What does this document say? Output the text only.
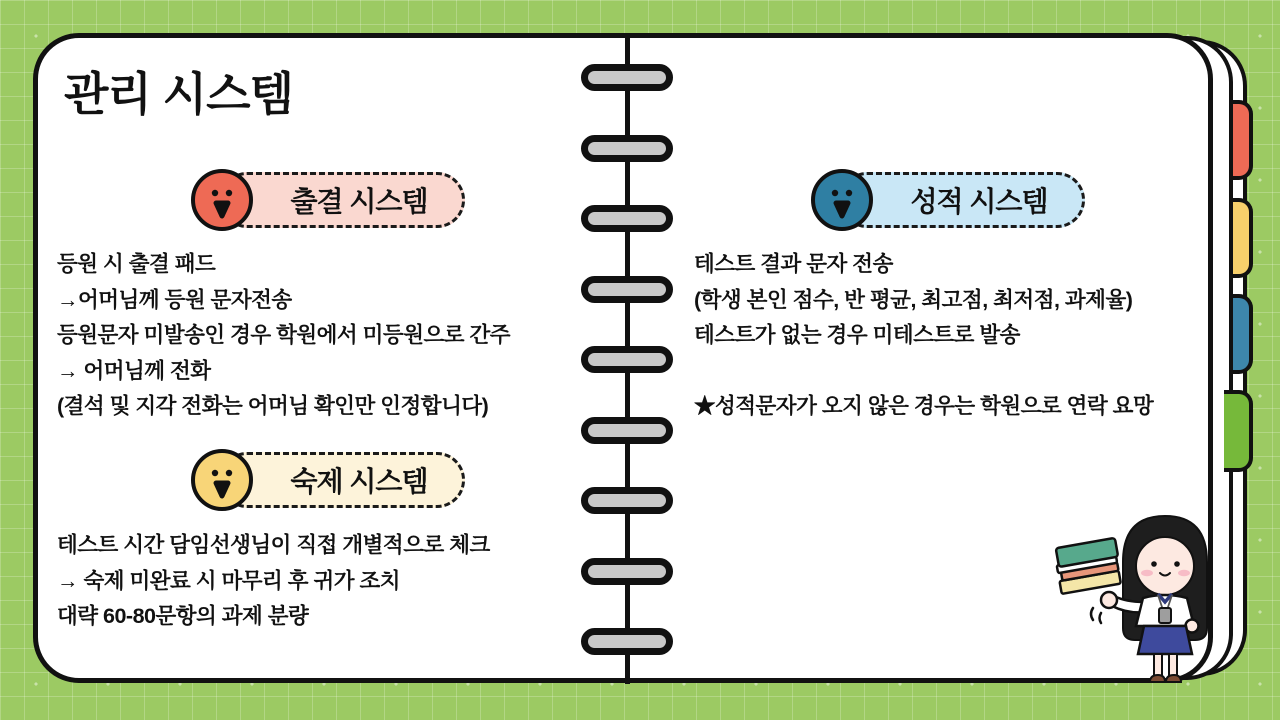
관리 시스템
출결 시스템	성적 시스템
숙제 시스템
등원 시 출결 패드
→어머님께 등원 문자전송
등원문자 미발송인 경우 학원에서 미등원으로 간주
→ 어머님께 전화
(결석 및 지각 전화는 어머님 확인만 인정합니다)
테스트 결과 문자 전송
(학생 본인 점수, 반 평균, 최고점, 최저점, 과제율)
테스트가 없는 경우 미테스트로 발송
★성적문자가 오지 않은 경우는 학원으로 연락 요망
테스트 시간 담임선생님이 직접 개별적으로 체크
→ 숙제 미완료 시 마무리 후 귀가 조치
대략 60-80문항의 과제 분량
